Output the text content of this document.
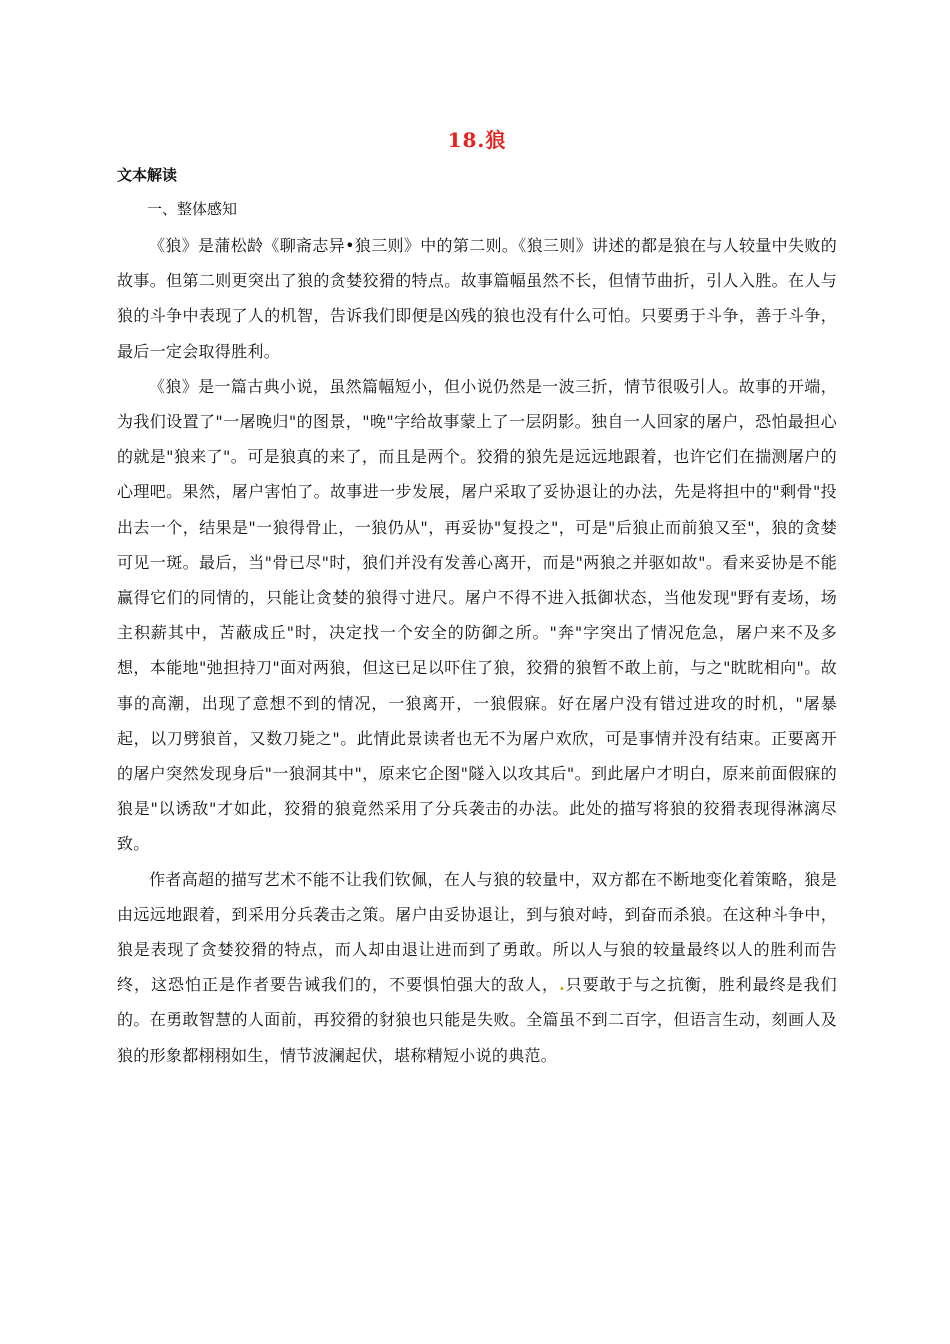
18.狼
文本解读
一、整体感知

《狼》是蒲松龄《聊斋志异•狼三则》中的第二则。《狼三则》讲述的都是狼在与人较量中失败的故事。但第二则更突出了狼的贪婪狡猾的特点。故事篇幅虽然不长，但情节曲折，引人入胜。在人与狼的斗争中表现了人的机智，告诉我们即便是凶残的狼也没有什么可怕。只要勇于斗争，善于斗争，最后一定会取得胜利。

《狼》是一篇古典小说，虽然篇幅短小，但小说仍然是一波三折，情节很吸引人。故事的开端，为我们设置了"一屠晚归"的图景，"晚"字给故事蒙上了一层阴影。独自一人回家的屠户，恐怕最担心的就是"狼来了"。可是狼真的来了，而且是两个。狡猾的狼先是远远地跟着，也许它们在揣测屠户的心理吧。果然，屠户害怕了。故事进一步发展，屠户采取了妥协退让的办法，先是将担中的"剩骨"投出去一个，结果是"一狼得骨止，一狼仍从"，再妥协"复投之"，可是"后狼止而前狼又至"，狼的贪婪可见一斑。最后，当"骨已尽"时，狼们并没有发善心离开，而是"两狼之并驱如故"。看来妥协是不能赢得它们的同情的，只能让贪婪的狼得寸进尺。屠户不得不进入抵御状态，当他发现"野有麦场，场主积薪其中，苫蔽成丘"时，决定找一个安全的防御之所。"奔"字突出了情况危急，屠户来不及多想，本能地"弛担持刀"面对两狼，但这已足以吓住了狼，狡猾的狼暂不敢上前，与之"眈眈相向"。故事的高潮，出现了意想不到的情况，一狼离开，一狼假寐。好在屠户没有错过进攻的时机，"屠暴起，以刀劈狼首，又数刀毙之"。此情此景读者也无不为屠户欢欣，可是事情并没有结束。正要离开的屠户突然发现身后"一狼洞其中"，原来它企图"隧入以攻其后"。到此屠户才明白，原来前面假寐的狼是"以诱敌"才如此，狡猾的狼竟然采用了分兵袭击的办法。此处的描写将狼的狡猾表现得淋漓尽致。

作者高超的描写艺术不能不让我们钦佩，在人与狼的较量中，双方都在不断地变化着策略，狼是由远远地跟着，到采用分兵袭击之策。屠户由妥协退让，到与狼对峙，到奋而杀狼。在这种斗争中，狼是表现了贪婪狡猾的特点，而人却由退让进而到了勇敢。所以人与狼的较量最终以人的胜利而告终，这恐怕正是作者要告诫我们的，不要惧怕强大的敌人，.只要敢于与之抗衡，胜利最终是我们的。在勇敢智慧的人面前，再狡猾的豺狼也只能是失败。全篇虽不到二百字，但语言生动，刻画人及狼的形象都栩栩如生，情节波澜起伏，堪称精短小说的典范。
